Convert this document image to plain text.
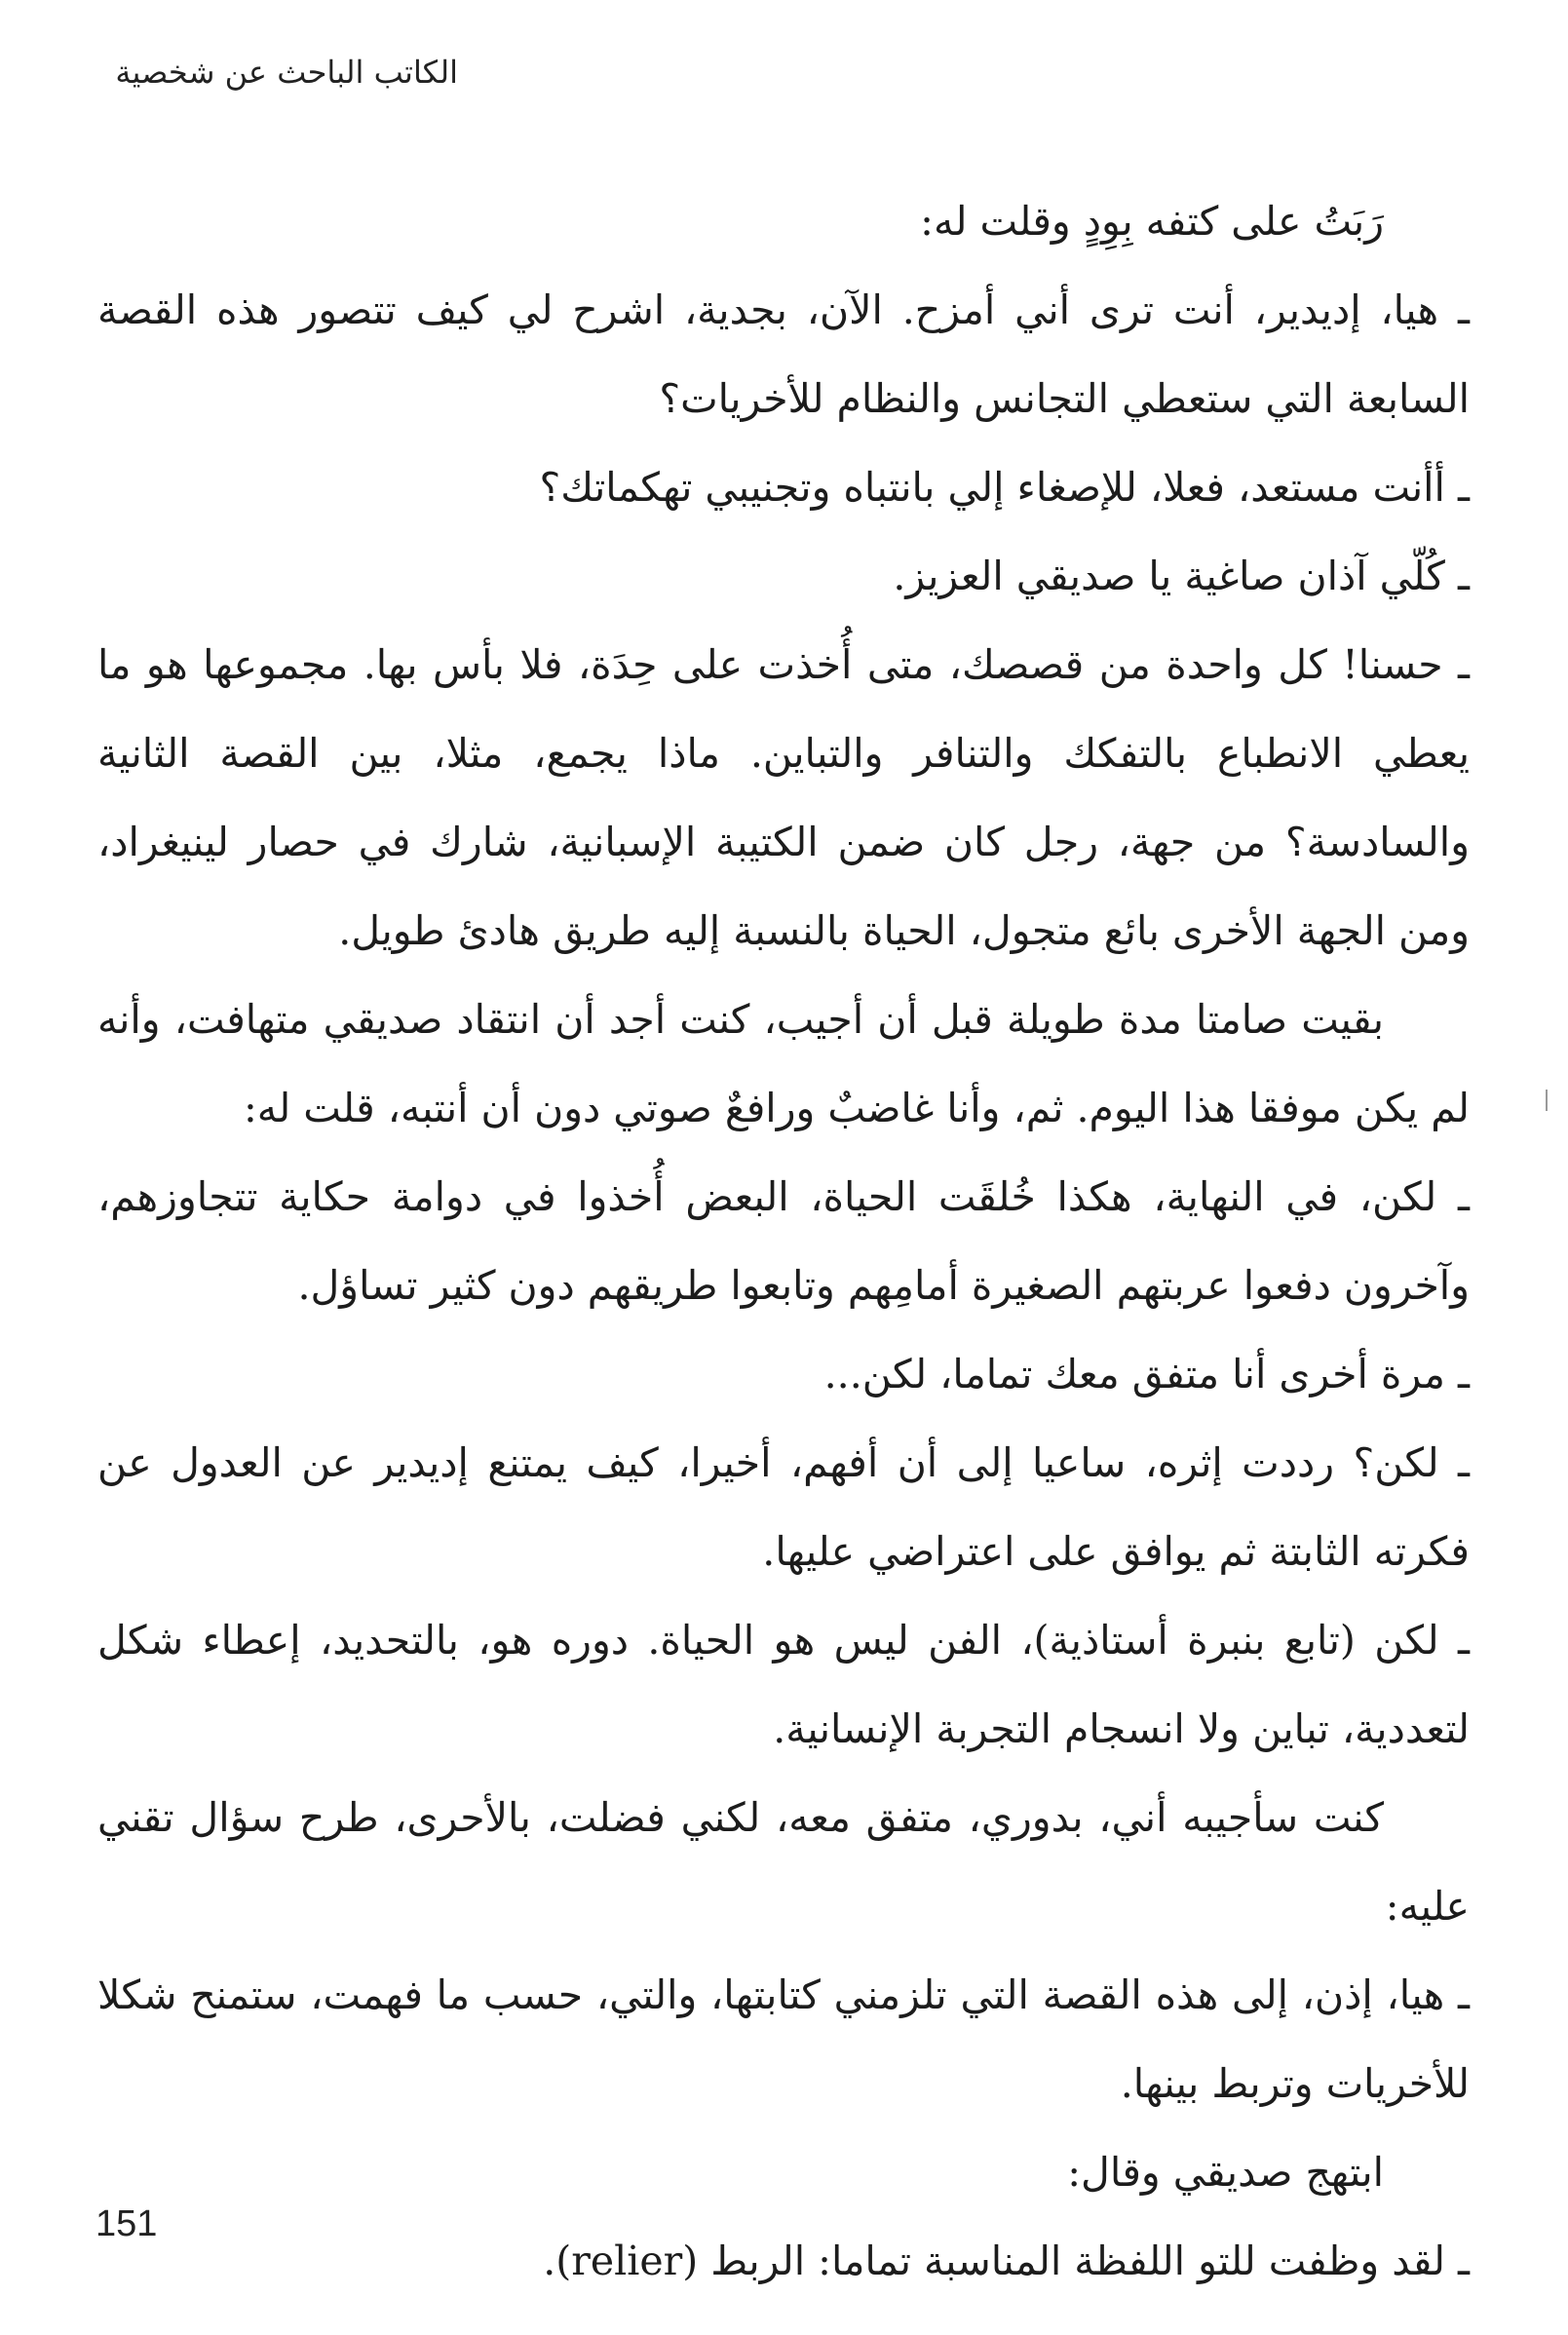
الكاتب الباحث عن شخصية

رَبَتُ على كتفه بِوِدٍ وقلت له:

ـ هيا، إديدير، أنت ترى أني أمزح. الآن، بجدية، اشرح لي كيف تتصور هذه القصة السابعة التي ستعطي التجانس والنظام للأخريات؟

ـ أأنت مستعد، فعلا، للإصغاء إلي بانتباه وتجنيبي تهكماتك؟

ـ كُلّي آذان صاغية يا صديقي العزيز.

ـ حسنا! كل واحدة من قصصك، متى أُخذت على حِدَة، فلا بأس بها. مجموعها هو ما يعطي الانطباع بالتفكك والتنافر والتباين. ماذا يجمع، مثلا، بين القصة الثانية والسادسة؟ من جهة، رجل كان ضمن الكتيبة الإسبانية، شارك في حصار لينيغراد، ومن الجهة الأخرى بائع متجول، الحياة بالنسبة إليه طريق هادئ طويل.

بقيت صامتا مدة طويلة قبل أن أجيب، كنت أجد أن انتقاد صديقي متهافت، وأنه لم يكن موفقا هذا اليوم. ثم، وأنا غاضبٌ ورافعٌ صوتي دون أن أنتبه، قلت له:

ـ لكن، في النهاية، هكذا خُلقَت الحياة، البعض أُخذوا في دوامة حكاية تتجاوزهم، وآخرون دفعوا عربتهم الصغيرة أمامِهم وتابعوا طريقهم دون كثير تساؤل.

ـ مرة أخرى أنا متفق معك تماما، لكن...

ـ لكن؟ رددت إثره، ساعيا إلى أن أفهم، أخيرا، كيف يمتنع إديدير عن العدول عن فكرته الثابتة ثم يوافق على اعتراضي عليها.

ـ لكن (تابع بنبرة أستاذية)، الفن ليس هو الحياة. دوره هو، بالتحديد، إعطاء شكل لتعددية، تباين ولا انسجام التجربة الإنسانية.

كنت سأجيبه أني، بدوري، متفق معه، لكني فضلت، بالأحرى، طرح سؤال تقني عليه:

ـ هيا، إذن، إلى هذه القصة التي تلزمني كتابتها، والتي، حسب ما فهمت، ستمنح شكلا للأخريات وتربط بينها.

ابتهج صديقي وقال:

ـ لقد وظفت للتو اللفظة المناسبة تماما: الربط (relier).

151
